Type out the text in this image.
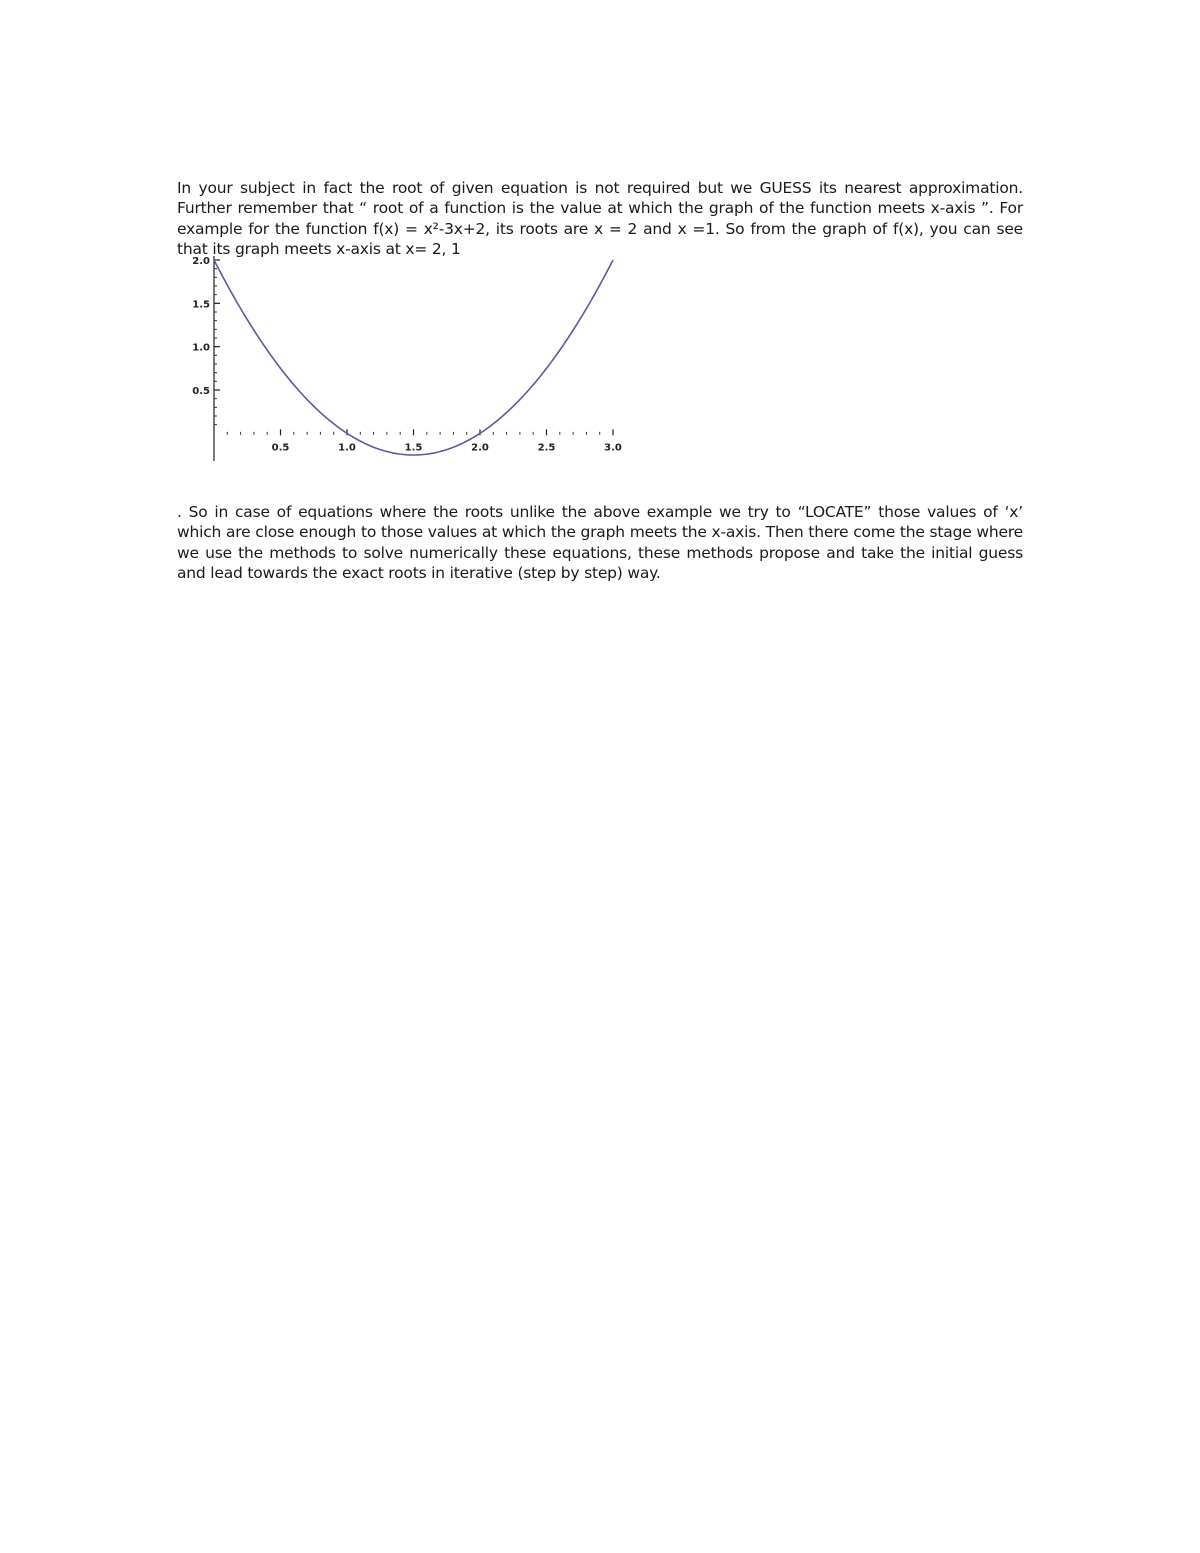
In your subject in fact the root of given equation is not required but we GUESS its nearest approximation. Further remember that “ root of a function is the value at which the graph of the function meets x-axis ”. For example for the function f(x) = x²-3x+2, its roots are x = 2 and x =1. So from the graph of f(x), you can see that its graph meets x-axis at x= 2, 1

0.5	1.0	1.5	2.0	2.5	3.0
0.5
1.0
1.5
2.0

. So in case of equations where the roots unlike the above example we try to “LOCATE” those values of ‘x’ which are close enough to those values at which the graph meets the x-axis. Then there come the stage where we use the methods to solve numerically these equations, these methods propose and take the initial guess and lead towards the exact roots in iterative (step by step) way.
